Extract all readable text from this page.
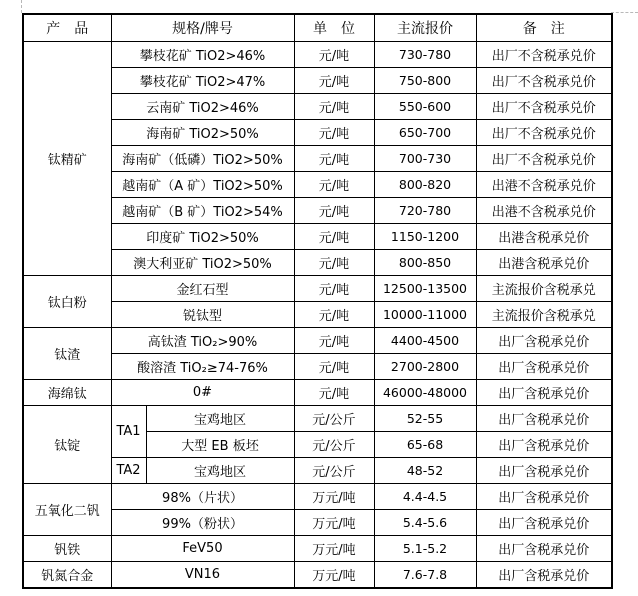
产　品	规格/牌号		单　位	主流报价	备　注
钛精矿	攀枝花矿 TiO2>46%		元/吨	730-780	出厂不含税承兑价
	攀枝花矿 TiO2>47%		元/吨	750-800	出厂不含税承兑价
	云南矿 TiO2>46%		元/吨	550-600	出厂不含税承兑价
	海南矿 TiO2>50%		元/吨	650-700	出厂不含税承兑价
	海南矿（低磷）TiO2>50%		元/吨	700-730	出厂不含税承兑价
	越南矿（A 矿）TiO2>50%		元/吨	800-820	出港不含税承兑价
	越南矿（B 矿）TiO2>54%		元/吨	720-780	出港不含税承兑价
	印度矿 TiO2>50%		元/吨	1150-1200	出港含税承兑价
	澳大利亚矿 TiO2>50%		元/吨	800-850	出港含税承兑价
钛白粉	金红石型		元/吨	12500-13500	主流报价含税承兑
	锐钛型		元/吨	10000-11000	主流报价含税承兑
钛渣	高钛渣 TiO₂>90%		元/吨	4400-4500	出厂含税承兑价
	酸溶渣 TiO₂≥74-76%		元/吨	2700-2800	出厂含税承兑价
海绵钛	0#		元/吨	46000-48000	出厂含税承兑价
钛锭	TA1	宝鸡地区	元/公斤	52-55	出厂含税承兑价
		大型 EB 板坯	元/公斤	65-68	出厂含税承兑价
	TA2	宝鸡地区	元/公斤	48-52	出厂含税承兑价
五氧化二钒	98%（片状）		万元/吨	4.4-4.5	出厂含税承兑价
	99%（粉状）		万元/吨	5.4-5.6	出厂含税承兑价
钒铁	FeV50		万元/吨	5.1-5.2	出厂含税承兑价
钒氮合金	VN16		万元/吨	7.6-7.8	出厂含税承兑价
